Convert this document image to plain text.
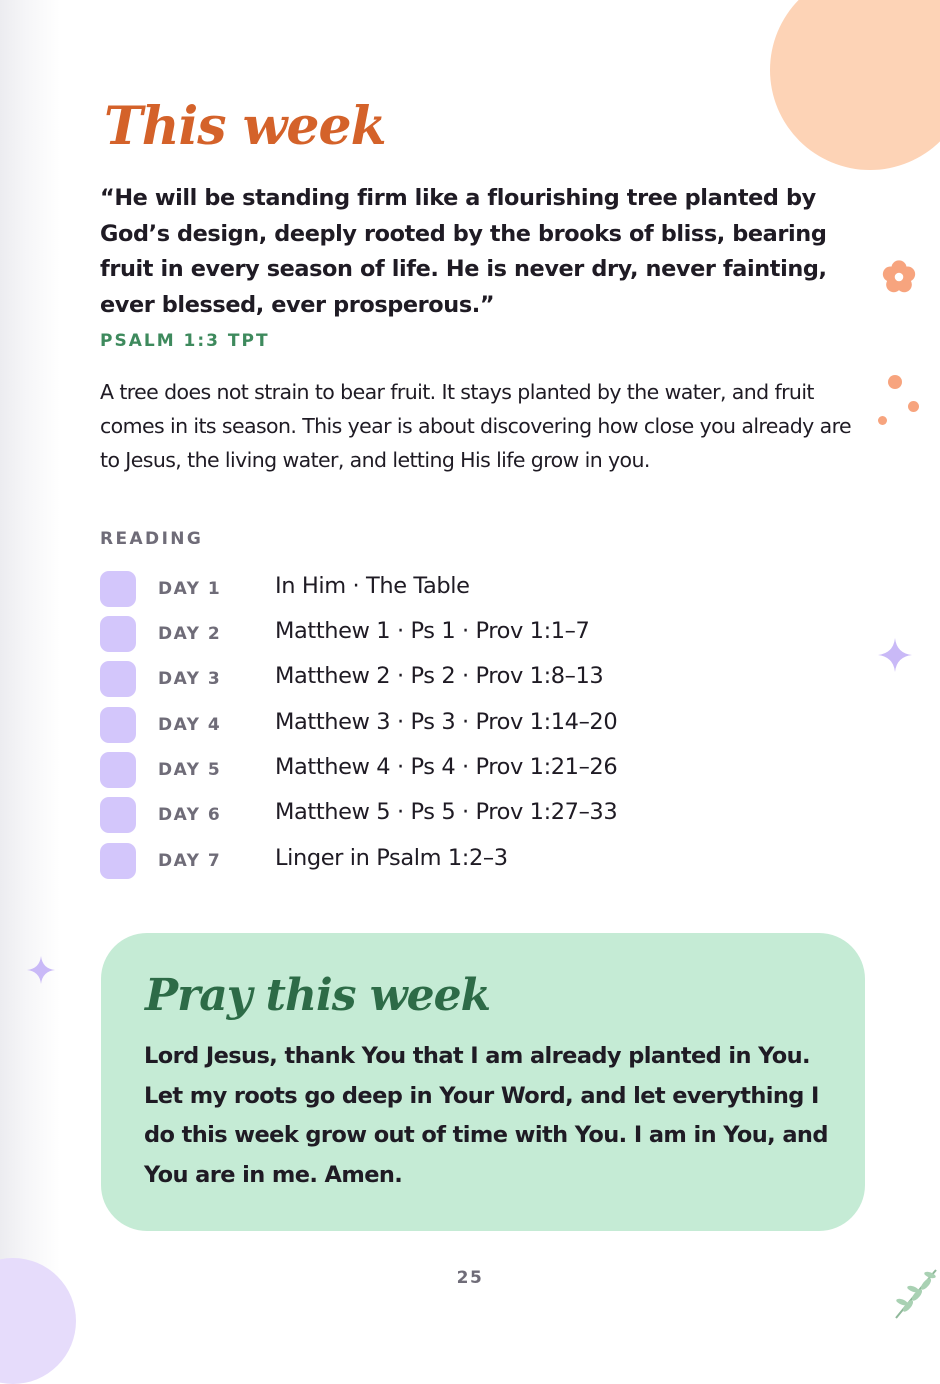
This week

“He will be standing firm like a flourishing tree planted by God’s design, deeply rooted by the brooks of bliss, bearing fruit in every season of life. He is never dry, never fainting, ever blessed, ever prosperous.”

PSALM 1:3 TPT

A tree does not strain to bear fruit. It stays planted by the water, and fruit comes in its season. This year is about discovering how close you already are to Jesus, the living water, and letting His life grow in you.

READING
DAY 1 In Him · The Table
DAY 2 Matthew 1 · Ps 1 · Prov 1:1–7
DAY 3 Matthew 2 · Ps 2 · Prov 1:8–13
DAY 4 Matthew 3 · Ps 3 · Prov 1:14–20
DAY 5 Matthew 4 · Ps 4 · Prov 1:21–26
DAY 6 Matthew 5 · Ps 5 · Prov 1:27–33
DAY 7 Linger in Psalm 1:2–3
Pray this week

Lord Jesus, thank You that I am already planted in You. Let my roots go deep in Your Word, and let everything I do this week grow out of time with You. I am in You, and You are in me. Amen.

25
